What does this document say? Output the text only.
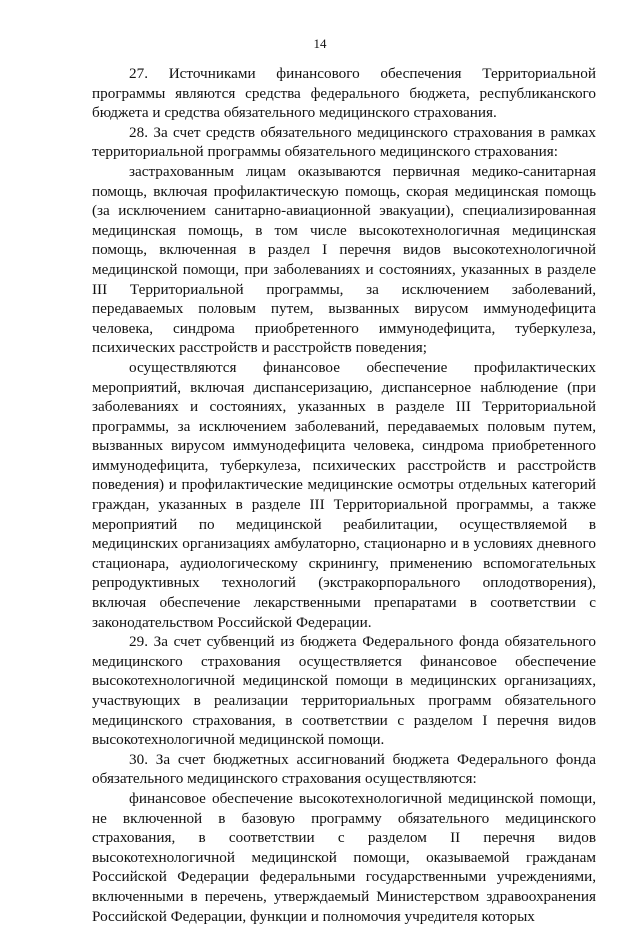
14

27. Источниками финансового обеспечения Территориальной программы являются средства федерального бюджета, республиканского бюджета и средства обязательного медицинского страхования.

28. За счет средств обязательного медицинского страхования в рамках территориальной программы обязательного медицинского страхования:

застрахованным лицам оказываются первичная медико-санитарная помощь, включая профилактическую помощь, скорая медицинская помощь (за исключением санитарно-авиационной эвакуации), специализированная медицинская помощь, в том числе высокотехнологичная медицинская помощь, включенная в раздел I перечня видов высокотехнологичной медицинской помощи, при заболеваниях и состояниях, указанных в разделе III Территориальной программы, за исключением заболеваний, передаваемых половым путем, вызванных вирусом иммунодефицита человека, синдрома приобретенного иммунодефицита, туберкулеза, психических расстройств и расстройств поведения;

осуществляются финансовое обеспечение профилактических мероприятий, включая диспансеризацию, диспансерное наблюдение (при заболеваниях и состояниях, указанных в разделе III Территориальной программы, за исключением заболеваний, передаваемых половым путем, вызванных вирусом иммунодефицита человека, синдрома приобретенного иммунодефицита, туберкулеза, психических расстройств и расстройств поведения) и профилактические медицинские осмотры отдельных категорий граждан, указанных в разделе III Территориальной программы, а также мероприятий по медицинской реабилитации, осуществляемой в медицинских организациях амбулаторно, стационарно и в условиях дневного стационара, аудиологическому скринингу, применению вспомогательных репродуктивных технологий (экстракорпорального оплодотворения), включая обеспечение лекарственными препаратами в соответствии с законодательством Российской Федерации.

29. За счет субвенций из бюджета Федерального фонда обязательного медицинского страхования осуществляется финансовое обеспечение высокотехнологичной медицинской помощи в медицинских организациях, участвующих в реализации территориальных программ обязательного медицинского страхования, в соответствии с разделом I перечня видов высокотехнологичной медицинской помощи.

30. За счет бюджетных ассигнований бюджета Федерального фонда обязательного медицинского страхования осуществляются:

финансовое обеспечение высокотехнологичной медицинской помощи, не включенной в базовую программу обязательного медицинского страхования, в соответствии с разделом II перечня видов высокотехнологичной медицинской помощи, оказываемой гражданам Российской Федерации федеральными государственными учреждениями, включенными в перечень, утверждаемый Министерством здравоохранения Российской Федерации, функции и полномочия учредителя которых
